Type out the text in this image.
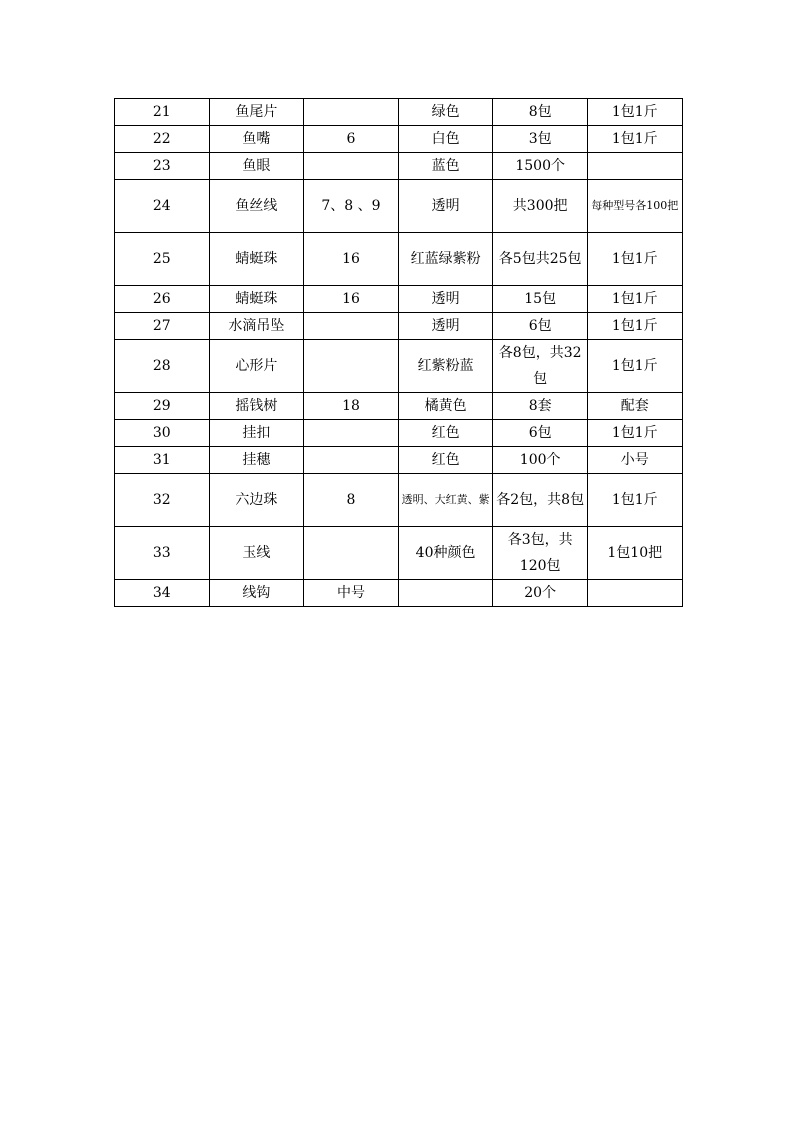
21	鱼尾片		绿色	8包	1包1斤
22	鱼嘴	6	白色	3包	1包1斤
23	鱼眼		蓝色	1500个	
24	鱼丝线	7、8 、9	透明	共300把	每种型号各100把
25	蜻蜓珠	16	红蓝绿紫粉	各5包共25包	1包1斤
26	蜻蜓珠	16	透明	15包	1包1斤
27	水滴吊坠		透明	6包	1包1斤
28	心形片		红紫粉蓝	各8包，共32包	1包1斤
29	摇钱树	18	橘黄色	8套	配套
30	挂扣		红色	6包	1包1斤
31	挂穗		红色	100个	小号
32	六边珠	8	透明、大红黄、紫	各2包，共8包	1包1斤
33	玉线		40种颜色	各3包，共120包	1包10把
34	线钩	中号		20个	
